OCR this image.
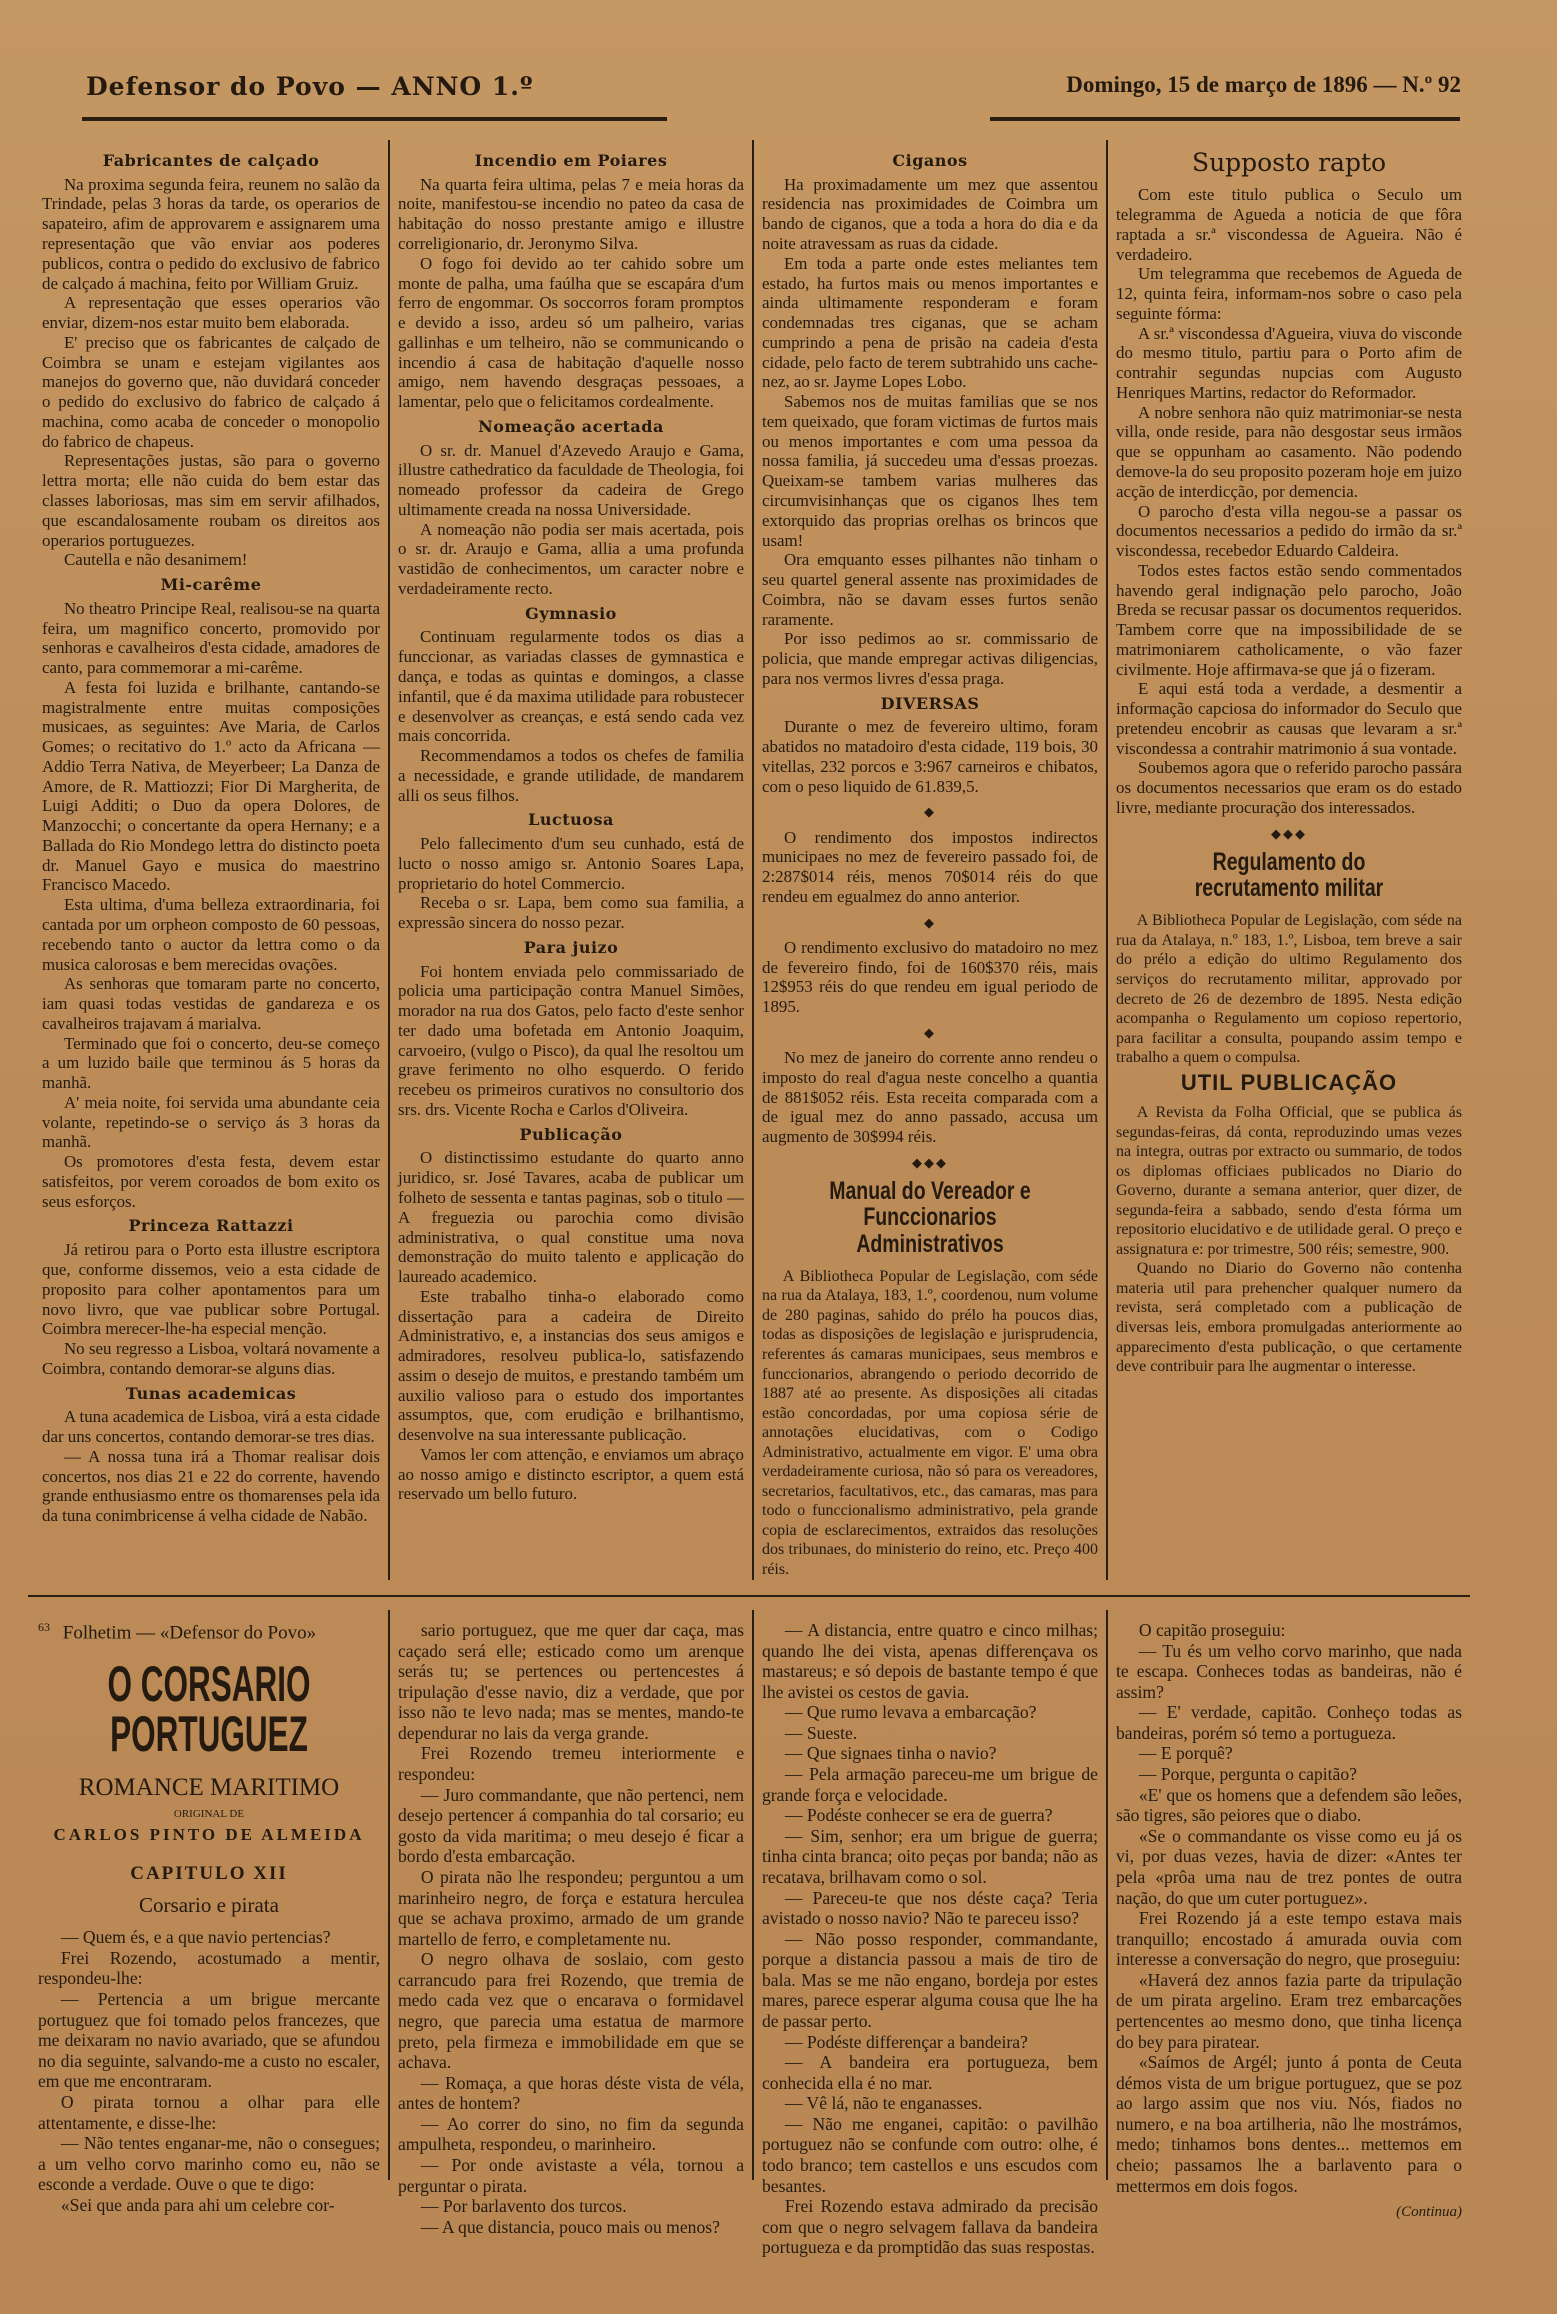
Defensor do Povo — ANNO 1.º	Domingo, 15 de março de 1896 — N.º 92
Fabricantes de calçado

Na proxima segunda feira, reunem no salão da Trindade, pelas 3 horas da tarde, os operarios de sapateiro, afim de approvarem e assignarem uma representação que vão enviar aos poderes publicos, contra o pedido do exclusivo de fabrico de calçado á machina, feito por William Gruiz.

A representação que esses operarios vão enviar, dizem-nos estar muito bem elaborada.

E' preciso que os fabricantes de calçado de Coimbra se unam e estejam vigilantes aos manejos do governo que, não duvidará conceder o pedido do exclusivo do fabrico de calçado á machina, como acaba de conceder o monopolio do fabrico de chapeus.

Representações justas, são para o governo lettra morta; elle não cuida do bem estar das classes laboriosas, mas sim em servir afilhados, que escandalosamente roubam os direitos aos operarios portuguezes.

Cautella e não desanimem!

Mi-carême

No theatro Principe Real, realisou-se na quarta feira, um magnifico concerto, promovido por senhoras e cavalheiros d'esta cidade, amadores de canto, para commemorar a mi-carême.

A festa foi luzida e brilhante, cantando-se magistralmente entre muitas composições musicaes, as seguintes: Ave Maria, de Carlos Gomes; o recitativo do 1.º acto da Africana — Addio Terra Nativa, de Meyerbeer; La Danza de Amore, de R. Mattiozzi; Fior Di Margherita, de Luigi Additi; o Duo da opera Dolores, de Manzocchi; o concertante da opera Hernany; e a Ballada do Rio Mondego lettra do distincto poeta dr. Manuel Gayo e musica do maestrino Francisco Macedo.

Esta ultima, d'uma belleza extraordinaria, foi cantada por um orpheon composto de 60 pessoas, recebendo tanto o auctor da lettra como o da musica calorosas e bem merecidas ovações.

As senhoras que tomaram parte no concerto, iam quasi todas vestidas de gandareza e os cavalheiros trajavam á marialva.

Terminado que foi o concerto, deu-se começo a um luzido baile que terminou ás 5 horas da manhã.

A' meia noite, foi servida uma abundante ceia volante, repetindo-se o serviço ás 3 horas da manhã.

Os promotores d'esta festa, devem estar satisfeitos, por verem coroados de bom exito os seus esforços.

Princeza Rattazzi

Já retirou para o Porto esta illustre escriptora que, conforme dissemos, veio a esta cidade de proposito para colher apontamentos para um novo livro, que vae publicar sobre Portugal. Coimbra merecer-lhe-ha especial menção.

No seu regresso a Lisboa, voltará novamente a Coimbra, contando demorar-se alguns dias.

Tunas academicas

A tuna academica de Lisboa, virá a esta cidade dar uns concertos, contando demorar-se tres dias.

— A nossa tuna irá a Thomar realisar dois concertos, nos dias 21 e 22 do corrente, havendo grande enthusiasmo entre os thomarenses pela ida da tuna conimbricense á velha cidade de Nabão.

Incendio em Poiares

Na quarta feira ultima, pelas 7 e meia horas da noite, manifestou-se incendio no pateo da casa de habitação do nosso prestante amigo e illustre correligionario, dr. Jeronymo Silva.

O fogo foi devido ao ter cahido sobre um monte de palha, uma faúlha que se escapára d'um ferro de engommar. Os soccorros foram promptos e devido a isso, ardeu só um palheiro, varias gallinhas e um telheiro, não se communicando o incendio á casa de habitação d'aquelle nosso amigo, nem havendo desgraças pessoaes, a lamentar, pelo que o felicitamos cordealmente.

Nomeação acertada

O sr. dr. Manuel d'Azevedo Araujo e Gama, illustre cathedratico da faculdade de Theologia, foi nomeado professor da cadeira de Grego ultimamente creada na nossa Universidade.

A nomeação não podia ser mais acertada, pois o sr. dr. Araujo e Gama, allia a uma profunda vastidão de conhecimentos, um caracter nobre e verdadeiramente recto.

Gymnasio

Continuam regularmente todos os dias a funccionar, as variadas classes de gymnastica e dança, e todas as quintas e domingos, a classe infantil, que é da maxima utilidade para robustecer e desenvolver as creanças, e está sendo cada vez mais concorrida.

Recommendamos a todos os chefes de familia a necessidade, e grande utilidade, de mandarem alli os seus filhos.

Luctuosa

Pelo fallecimento d'um seu cunhado, está de lucto o nosso amigo sr. Antonio Soares Lapa, proprietario do hotel Commercio.

Receba o sr. Lapa, bem como sua familia, a expressão sincera do nosso pezar.

Para juizo

Foi hontem enviada pelo commissariado de policia uma participação contra Manuel Simões, morador na rua dos Gatos, pelo facto d'este senhor ter dado uma bofetada em Antonio Joaquim, carvoeiro, (vulgo o Pisco), da qual lhe resoltou um grave ferimento no olho esquerdo. O ferido recebeu os primeiros curativos no consultorio dos srs. drs. Vicente Rocha e Carlos d'Oliveira.

Publicação

O distinctissimo estudante do quarto anno juridico, sr. José Tavares, acaba de publicar um folheto de sessenta e tantas paginas, sob o titulo — A freguezia ou parochia como divisão administrativa, o qual constitue uma nova demonstração do muito talento e applicação do laureado academico.

Este trabalho tinha-o elaborado como dissertação para a cadeira de Direito Administrativo, e, a instancias dos seus amigos e admiradores, resolveu publica-lo, satisfazendo assim o desejo de muitos, e prestando também um auxilio valioso para o estudo dos importantes assumptos, que, com erudição e brilhantismo, desenvolve na sua interessante publicação.

Vamos ler com attenção, e enviamos um abraço ao nosso amigo e distincto escriptor, a quem está reservado um bello futuro.

Ciganos

Ha proximadamente um mez que assentou residencia nas proximidades de Coimbra um bando de ciganos, que a toda a hora do dia e da noite atravessam as ruas da cidade.

Em toda a parte onde estes meliantes tem estado, ha furtos mais ou menos importantes e ainda ultimamente responderam e foram condemnadas tres ciganas, que se acham cumprindo a pena de prisão na cadeia d'esta cidade, pelo facto de terem subtrahido uns cache-nez, ao sr. Jayme Lopes Lobo.

Sabemos nos de muitas familias que se nos tem queixado, que foram victimas de furtos mais ou menos importantes e com uma pessoa da nossa familia, já succedeu uma d'essas proezas. Queixam-se tambem varias mulheres das circumvisinhanças que os ciganos lhes tem extorquido das proprias orelhas os brincos que usam!

Ora emquanto esses pilhantes não tinham o seu quartel general assente nas proximidades de Coimbra, não se davam esses furtos senão raramente.

Por isso pedimos ao sr. commissario de policia, que mande empregar activas diligencias, para nos vermos livres d'essa praga.

DIVERSAS

Durante o mez de fevereiro ultimo, foram abatidos no matadoiro d'esta cidade, 119 bois, 30 vitellas, 232 porcos e 3:967 carneiros e chibatos, com o peso liquido de 61.839,5.

◆

O rendimento dos impostos indirectos municipaes no mez de fevereiro passado foi, de 2:287$014 réis, menos 70$014 réis do que rendeu em egualmez do anno anterior.

◆

O rendimento exclusivo do matadoiro no mez de fevereiro findo, foi de 160$370 réis, mais 12$953 réis do que rendeu em igual periodo de 1895.

◆

No mez de janeiro do corrente anno rendeu o imposto do real d'agua neste concelho a quantia de 881$052 réis. Esta receita comparada com a de igual mez do anno passado, accusa um augmento de 30$994 réis.

◆◆◆
Manual do Vereador e Funccionarios Administrativos

A Bibliotheca Popular de Legislação, com séde na rua da Atalaya, 183, 1.º, coordenou, num volume de 280 paginas, sahido do prélo ha poucos dias, todas as disposições de legislação e jurisprudencia, referentes ás camaras municipaes, seus membros e funccionarios, abrangendo o periodo decorrido de 1887 até ao presente. As disposições ali citadas estão concordadas, por uma copiosa série de annotações elucidativas, com o Codigo Administrativo, actualmente em vigor. E' uma obra verdadeiramente curiosa, não só para os vereadores, secretarios, facultativos, etc., das camaras, mas para todo o funccionalismo administrativo, pela grande copia de esclarecimentos, extraidos das resoluções dos tribunaes, do ministerio do reino, etc. Preço 400 réis.

Supposto rapto

Com este titulo publica o Seculo um telegramma de Agueda a noticia de que fôra raptada a sr.ª viscondessa de Agueira. Não é verdadeiro.

Um telegramma que recebemos de Agueda de 12, quinta feira, informam-nos sobre o caso pela seguinte fórma:

A sr.ª viscondessa d'Agueira, viuva do visconde do mesmo titulo, partiu para o Porto afim de contrahir segundas nupcias com Augusto Henriques Martins, redactor do Reformador.

A nobre senhora não quiz matrimoniar-se nesta villa, onde reside, para não desgostar seus irmãos que se oppunham ao casamento. Não podendo demove-la do seu proposito pozeram hoje em juizo acção de interdicção, por demencia.

O parocho d'esta villa negou-se a passar os documentos necessarios a pedido do irmão da sr.ª viscondessa, recebedor Eduardo Caldeira.

Todos estes factos estão sendo commentados havendo geral indignação pelo parocho, João Breda se recusar passar os documentos requeridos. Tambem corre que na impossibilidade de se matrimoniarem catholicamente, o vão fazer civilmente. Hoje affirmava-se que já o fizeram.

E aqui está toda a verdade, a desmentir a informação capciosa do informador do Seculo que pretendeu encobrir as causas que levaram a sr.ª viscondessa a contrahir matrimonio á sua vontade.

Soubemos agora que o referido parocho passára os documentos necessarios que eram os do estado livre, mediante procuração dos interessados.

◆◆◆
Regulamento do recrutamento militar

A Bibliotheca Popular de Legislação, com séde na rua da Atalaya, n.º 183, 1.º, Lisboa, tem breve a sair do prélo a edição do ultimo Regulamento dos serviços do recrutamento militar, approvado por decreto de 26 de dezembro de 1895. Nesta edição acompanha o Regulamento um copioso repertorio, para facilitar a consulta, poupando assim tempo e trabalho a quem o compulsa.

UTIL PUBLICAÇÃO

A Revista da Folha Official, que se publica ás segundas-feiras, dá conta, reproduzindo umas vezes na integra, outras por extracto ou summario, de todos os diplomas officiaes publicados no Diario do Governo, durante a semana anterior, quer dizer, de segunda-feira a sabbado, sendo d'esta fórma um repositorio elucidativo e de utilidade geral. O preço e assignatura e: por trimestre, 500 réis; semestre, 900.

Quando no Diario do Governo não contenha materia util para prehencher qualquer numero da revista, será completado com a publicação de diversas leis, embora promulgadas anteriormente ao apparecimento d'esta publicação, o que certamente deve contribuir para lhe augmentar o interesse.

$^{63}$ Folhetim — «Defensor do Povo»
O CORSARIO PORTUGUEZ
ROMANCE MARITIMO
ORIGINAL DE
CARLOS PINTO DE ALMEIDA
CAPITULO XII
Corsario e pirata

— Quem és, e a que navio pertencias?

Frei Rozendo, acostumado a mentir, respondeu-lhe:

— Pertencia a um brigue mercante portuguez que foi tomado pelos francezes, que me deixaram no navio avariado, que se afundou no dia seguinte, salvando-me a custo no escaler, em que me encontraram.

O pirata tornou a olhar para elle attentamente, e disse-lhe:

— Não tentes enganar-me, não o consegues; a um velho corvo marinho como eu, não se esconde a verdade. Ouve o que te digo:

«Sei que anda para ahi um celebre cor-

sario portuguez, que me quer dar caça, mas caçado será elle; esticado como um arenque serás tu; se pertences ou pertencestes á tripulação d'esse navio, diz a verdade, que por isso não te levo nada; mas se mentes, mando-te dependurar no lais da verga grande.

Frei Rozendo tremeu interiormente e respondeu:

— Juro commandante, que não pertenci, nem desejo pertencer á companhia do tal corsario; eu gosto da vida maritima; o meu desejo é ficar a bordo d'esta embarcação.

O pirata não lhe respondeu; perguntou a um marinheiro negro, de força e estatura herculea que se achava proximo, armado de um grande martello de ferro, e completamente nu.

O negro olhava de soslaio, com gesto carrancudo para frei Rozendo, que tremia de medo cada vez que o encarava o formidavel negro, que parecia uma estatua de marmore preto, pela firmeza e immobilidade em que se achava.

— Romaça, a que horas déste vista de véla, antes de hontem?

— Ao correr do sino, no fim da segunda ampulheta, respondeu, o marinheiro.

— Por onde avistaste a véla, tornou a perguntar o pirata.

— Por barlavento dos turcos.

— A que distancia, pouco mais ou menos?

— A distancia, entre quatro e cinco milhas; quando lhe dei vista, apenas differençava os mastareus; e só depois de bastante tempo é que lhe avistei os cestos de gavia.

— Que rumo levava a embarcação?

— Sueste.

— Que signaes tinha o navio?

— Pela armação pareceu-me um brigue de grande força e velocidade.

— Podéste conhecer se era de guerra?

— Sim, senhor; era um brigue de guerra; tinha cinta branca; oito peças por banda; não as recatava, brilhavam como o sol.

— Pareceu-te que nos déste caça? Teria avistado o nosso navio? Não te pareceu isso?

— Não posso responder, commandante, porque a distancia passou a mais de tiro de bala. Mas se me não engano, bordeja por estes mares, parece esperar alguma cousa que lhe ha de passar perto.

— Podéste differençar a bandeira?

— A bandeira era portugueza, bem conhecida ella é no mar.

— Vê lá, não te enganasses.

— Não me enganei, capitão: o pavilhão portuguez não se confunde com outro: olhe, é todo branco; tem castellos e uns escudos com besantes.

Frei Rozendo estava admirado da precisão com que o negro selvagem fallava da bandeira portugueza e da promptidão das suas respostas.

O capitão proseguiu:

— Tu és um velho corvo marinho, que nada te escapa. Conheces todas as bandeiras, não é assim?

— E' verdade, capitão. Conheço todas as bandeiras, porém só temo a portugueza.

— E porquê?

— Porque, pergunta o capitão?

«E' que os homens que a defendem são leões, são tigres, são peiores que o diabo.

«Se o commandante os visse como eu já os vi, por duas vezes, havia de dizer: «Antes ter pela «prôa uma nau de trez pontes de outra nação, do que um cuter portuguez».

Frei Rozendo já a este tempo estava mais tranquillo; encostado á amurada ouvia com interesse a conversação do negro, que proseguiu:

«Haverá dez annos fazia parte da tripulação de um pirata argelino. Eram trez embarcações pertencentes ao mesmo dono, que tinha licença do bey para piratear.

«Saímos de Argél; junto á ponta de Ceuta démos vista de um brigue portuguez, que se poz ao largo assim que nos viu. Nós, fiados no numero, e na boa artilheria, não lhe mostrámos, medo; tinhamos bons dentes... mettemos em cheio; passamos lhe a barlavento para o mettermos em dois fogos.

(Continua)
